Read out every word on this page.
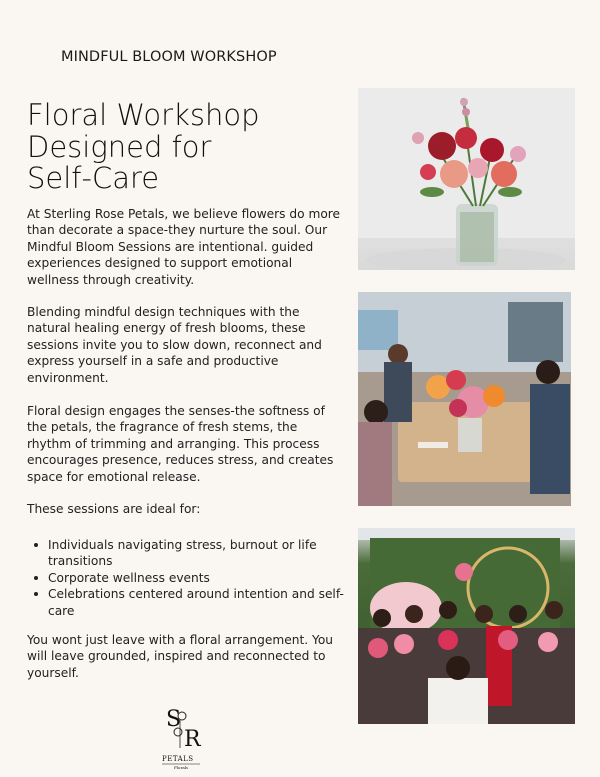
MINDFUL BLOOM WORKSHOP
Floral Workshop
Designed for
Self-Care

At Sterling Rose Petals, we believe flowers do more than decorate a space-they nurture the soul. Our Mindful Bloom Sessions are intentional. guided experiences designed to support emotional wellness through creativity.

Blending mindful design techniques with the natural healing energy of fresh blooms, these sessions invite you to slow down, reconnect and express yourself in a safe and productive environment.

Floral design engages the senses-the softness of the petals, the fragrance of fresh stems, the rhythm of trimming and arranging. This process encourages presence, reduces stress, and creates space for emotional release.

These sessions are ideal for:

Individuals navigating stress, burnout or life transitions
Corporate wellness events
Celebrations centered around intention and self-care

You wont just leave with a floral arrangement. You will leave grounded, inspired and reconnected to yourself.

S
R
PETALS
Florals
